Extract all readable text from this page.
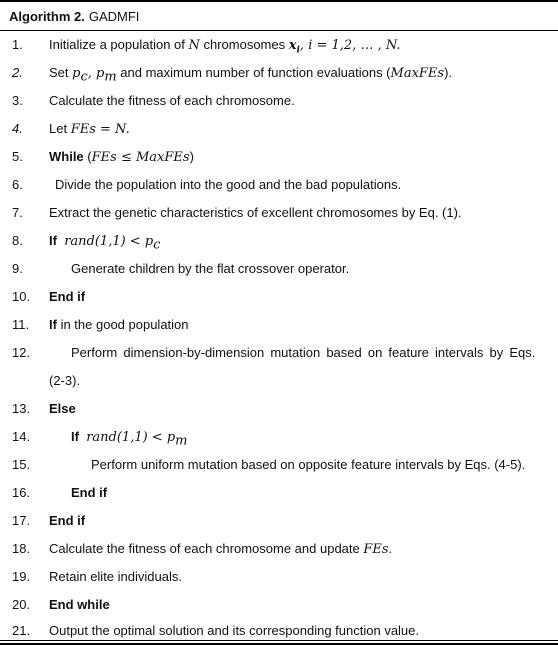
Algorithm 2. GADMFI
1.	Initialize a population of N chromosomes $x_i$, i = 1,2, … , N.
2.	Set $p_c$, $p_m$ and maximum number of function evaluations (MaxFEs).
3.	Calculate the fitness of each chromosome.
4.	Let FEs = N.
5.	While (FEs ≤ MaxFEs)
6.	Divide the population into the good and the bad populations.
7.	Extract the genetic characteristics of excellent chromosomes by Eq. (1).
8.	If rand(1,1) < $p_c$
9.	Generate children by the flat crossover operator.
10.	End if
11.	If in the good population
12.	Perform dimension-by-dimension mutation based on feature intervals by Eqs.
(2-3).
13.	Else
14.	If rand(1,1) < $p_m$
15.	Perform uniform mutation based on opposite feature intervals by Eqs. (4-5).
16.	End if
17.	End if
18.	Calculate the fitness of each chromosome and update FEs.
19.	Retain elite individuals.
20.	End while
21.	Output the optimal solution and its corresponding function value.
